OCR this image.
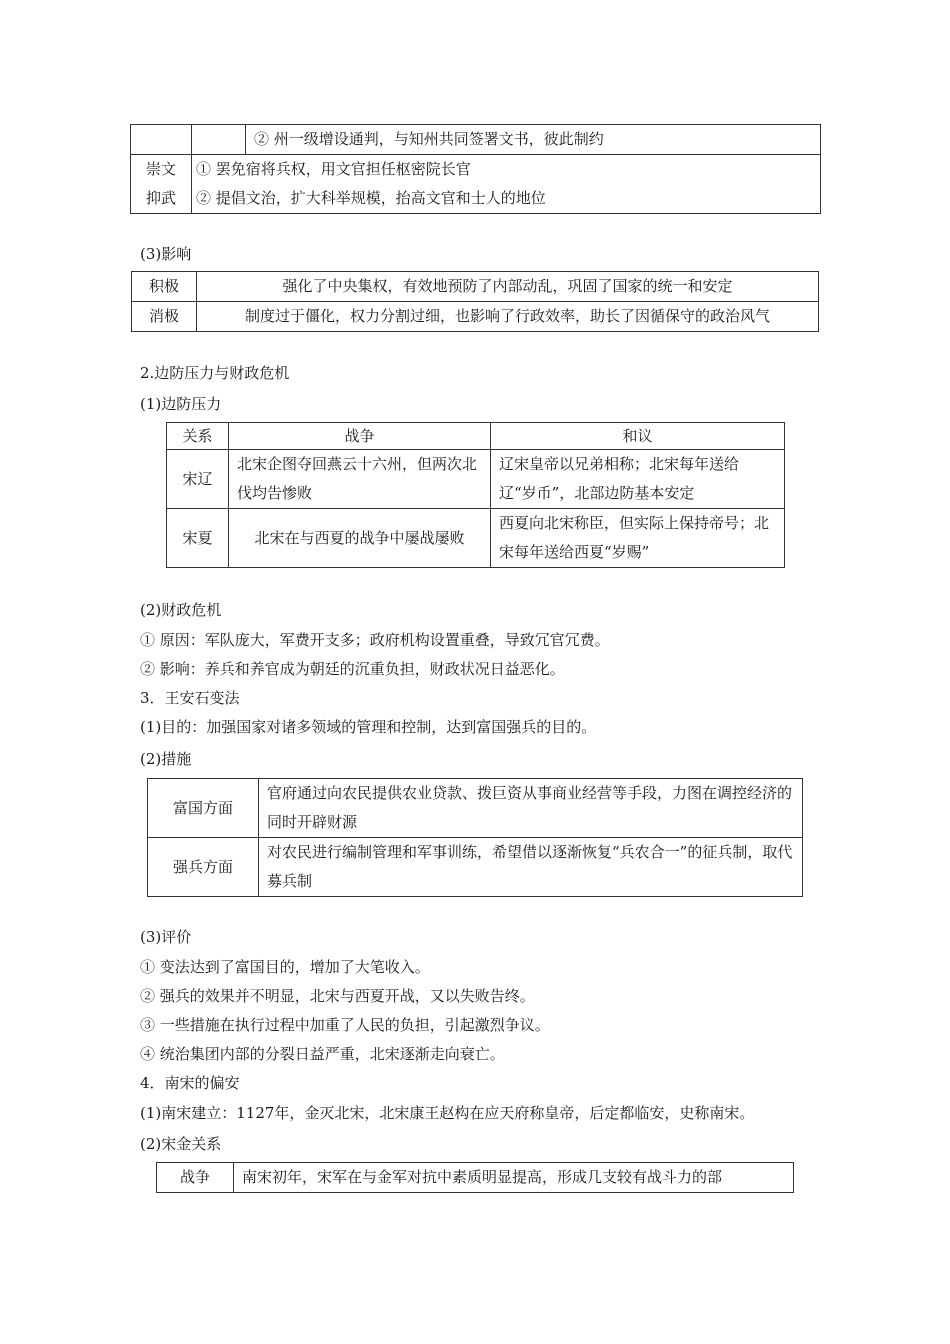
		② 州一级增设通判，与知州共同签署文书，彼此制约
崇文
抑武	① 罢免宿将兵权，用文官担任枢密院长官	
	② 提倡文治，扩大科举规模，抬高文官和士人的地位	
(3)影响
积极	强化了中央集权，有效地预防了内部动乱，巩固了国家的统一和安定
消极	制度过于僵化，权力分割过细，也影响了行政效率，助长了因循保守的政治风气
2.边防压力与财政危机
(1)边防压力
关系	战争	和议
宋辽	北宋企图夺回燕云十六州，但两次北伐均告惨败	辽宋皇帝以兄弟相称；北宋每年送给辽“岁币”，北部边防基本安定
宋夏	北宋在与西夏的战争中屡战屡败	西夏向北宋称臣，但实际上保持帝号；北宋每年送给西夏“岁赐”
(2)财政危机
① 原因：军队庞大，军费开支多；政府机构设置重叠，导致冗官冗费。
② 影响：养兵和养官成为朝廷的沉重负担，财政状况日益恶化。
3．王安石变法
(1)目的：加强国家对诸多领域的管理和控制，达到富国强兵的目的。
(2)措施
富国方面	官府通过向农民提供农业贷款、拨巨资从事商业经营等手段，力图在调控经济的同时开辟财源
强兵方面	对农民进行编制管理和军事训练，希望借以逐渐恢复“兵农合一”的征兵制，取代募兵制
(3)评价
① 变法达到了富国目的，增加了大笔收入。
② 强兵的效果并不明显，北宋与西夏开战，又以失败告终。
③ 一些措施在执行过程中加重了人民的负担，引起激烈争议。
④ 统治集团内部的分裂日益严重，北宋逐渐走向衰亡。
4．南宋的偏安
(1)南宋建立：1127年，金灭北宋，北宋康王赵构在应天府称皇帝，后定都临安，史称南宋。
(2)宋金关系
战争	南宋初年，宋军在与金军对抗中素质明显提高，形成几支较有战斗力的部
